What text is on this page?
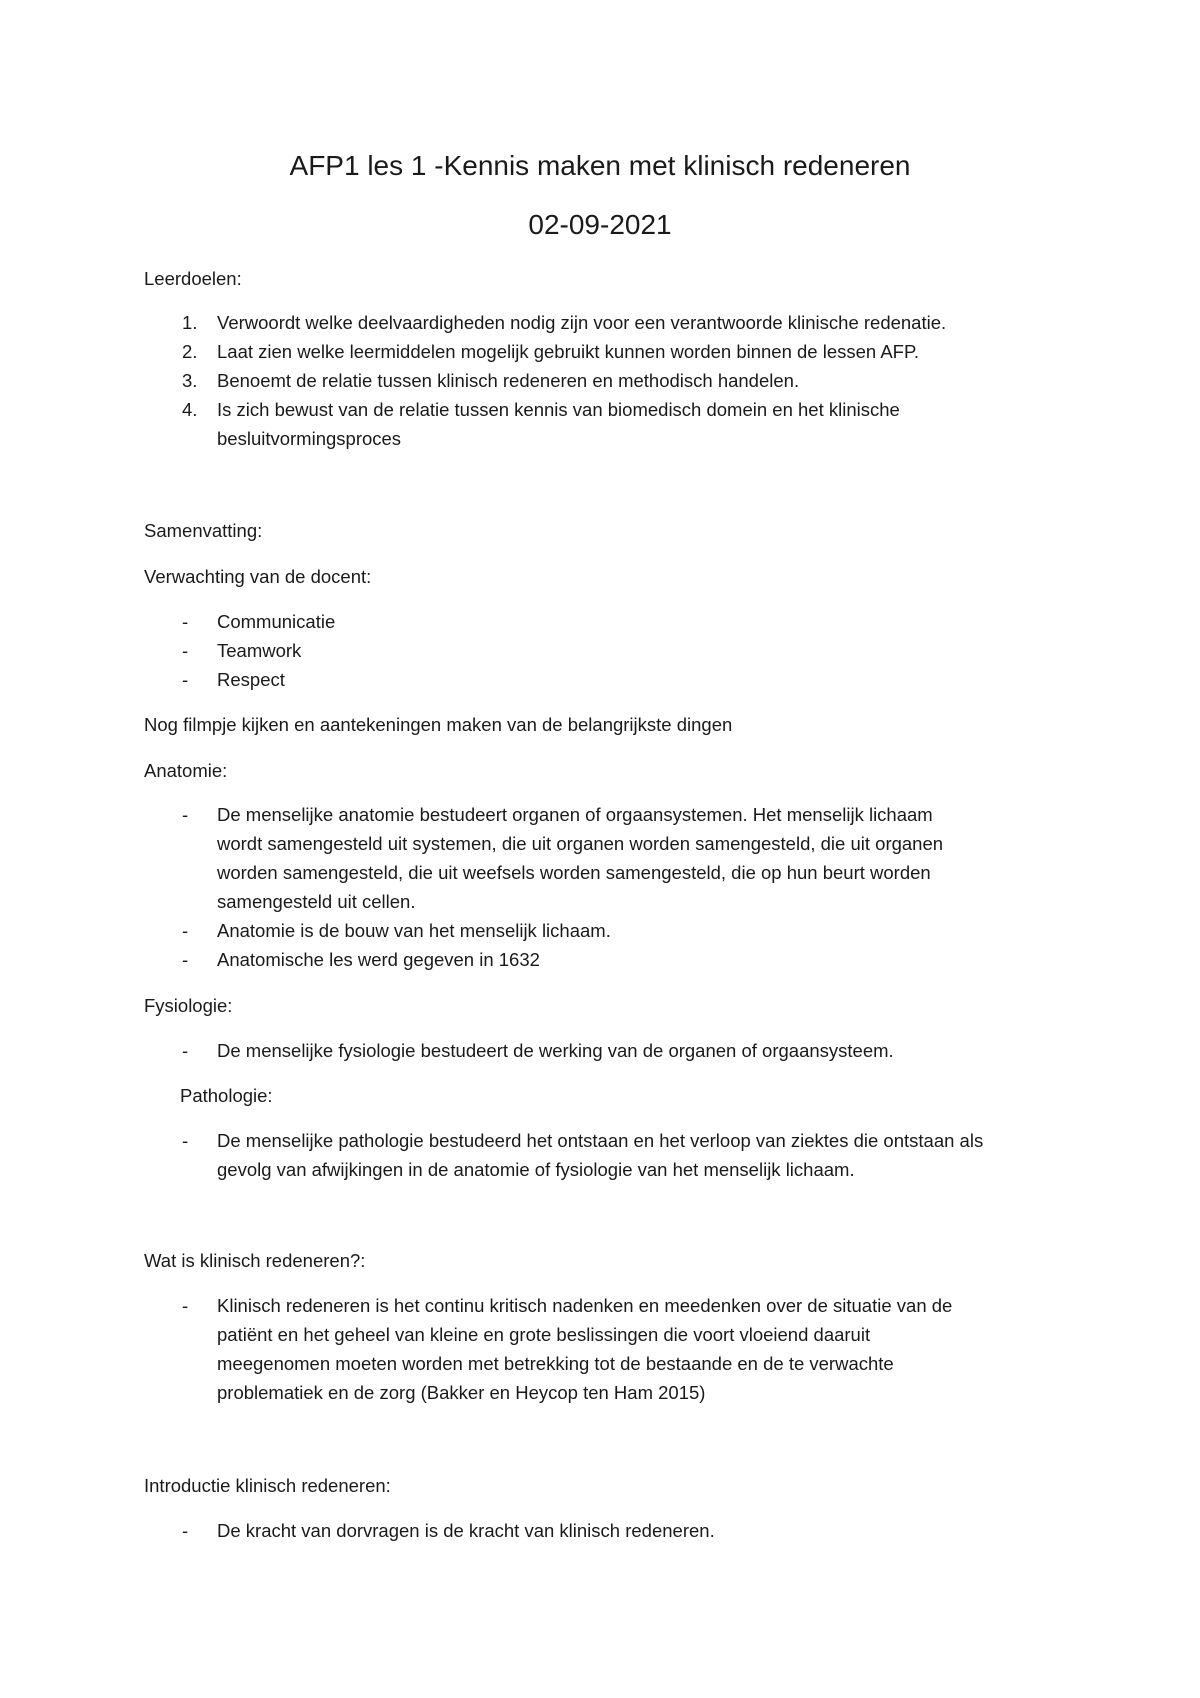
AFP1 les 1 -Kennis maken met klinisch redeneren
02-09-2021
Leerdoelen:
1. Verwoordt welke deelvaardigheden nodig zijn voor een verantwoorde klinische redenatie.
2. Laat zien welke leermiddelen mogelijk gebruikt kunnen worden binnen de lessen AFP.
3. Benoemt de relatie tussen klinisch redeneren en methodisch handelen.
4. Is zich bewust van de relatie tussen kennis van biomedisch domein en het klinische
besluitvormingsproces
Samenvatting:
Verwachting van de docent:
- Communicatie
- Teamwork
- Respect
Nog filmpje kijken en aantekeningen maken van de belangrijkste dingen
Anatomie:
- De menselijke anatomie bestudeert organen of orgaansystemen. Het menselijk lichaam
wordt samengesteld uit systemen, die uit organen worden samengesteld, die uit organen
worden samengesteld, die uit weefsels worden samengesteld, die op hun beurt worden
samengesteld uit cellen.
- Anatomie is de bouw van het menselijk lichaam.
- Anatomische les werd gegeven in 1632
Fysiologie:
- De menselijke fysiologie bestudeert de werking van de organen of orgaansysteem.
Pathologie:
- De menselijke pathologie bestudeerd het ontstaan en het verloop van ziektes die ontstaan als
gevolg van afwijkingen in de anatomie of fysiologie van het menselijk lichaam.
Wat is klinisch redeneren?:
- Klinisch redeneren is het continu kritisch nadenken en meedenken over de situatie van de
patiënt en het geheel van kleine en grote beslissingen die voort vloeiend daaruit
meegenomen moeten worden met betrekking tot de bestaande en de te verwachte
problematiek en de zorg (Bakker en Heycop ten Ham 2015)
Introductie klinisch redeneren:
- De kracht van dorvragen is de kracht van klinisch redeneren.
